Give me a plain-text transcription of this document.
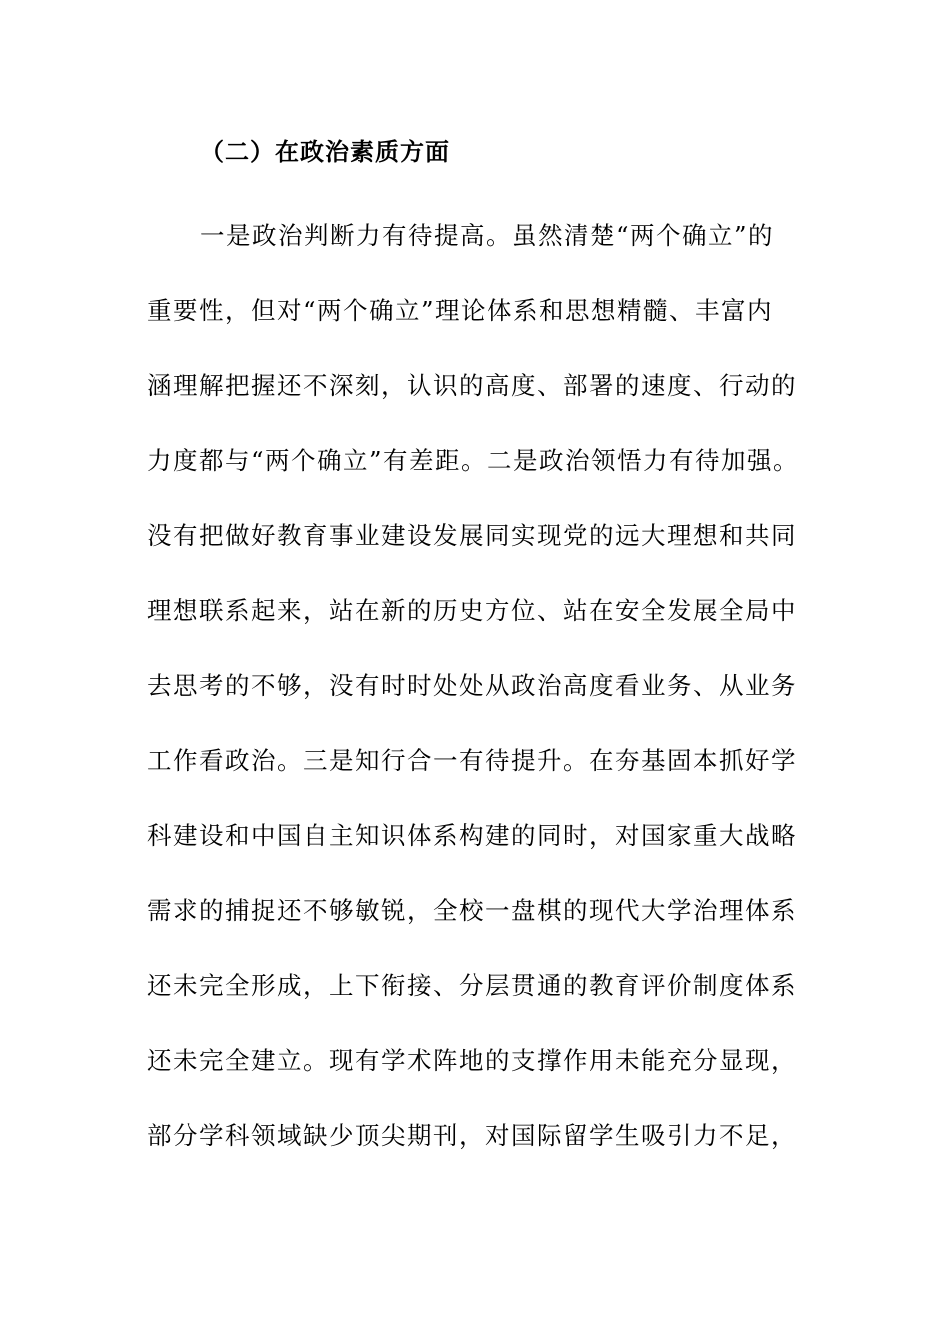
（二）在政治素质方面
一是政治判断力有待提高。虽然清楚“两个确立”的
重要性，但对“两个确立”理论体系和思想精髓、丰富内
涵理解把握还不深刻，认识的高度、部署的速度、行动的
力度都与“两个确立”有差距。二是政治领悟力有待加强。
没有把做好教育事业建设发展同实现党的远大理想和共同
理想联系起来，站在新的历史方位、站在安全发展全局中
去思考的不够，没有时时处处从政治高度看业务、从业务
工作看政治。三是知行合一有待提升。在夯基固本抓好学
科建设和中国自主知识体系构建的同时，对国家重大战略
需求的捕捉还不够敏锐，全校一盘棋的现代大学治理体系
还未完全形成，上下衔接、分层贯通的教育评价制度体系
还未完全建立。现有学术阵地的支撑作用未能充分显现，
部分学科领域缺少顶尖期刊，对国际留学生吸引力不足，
